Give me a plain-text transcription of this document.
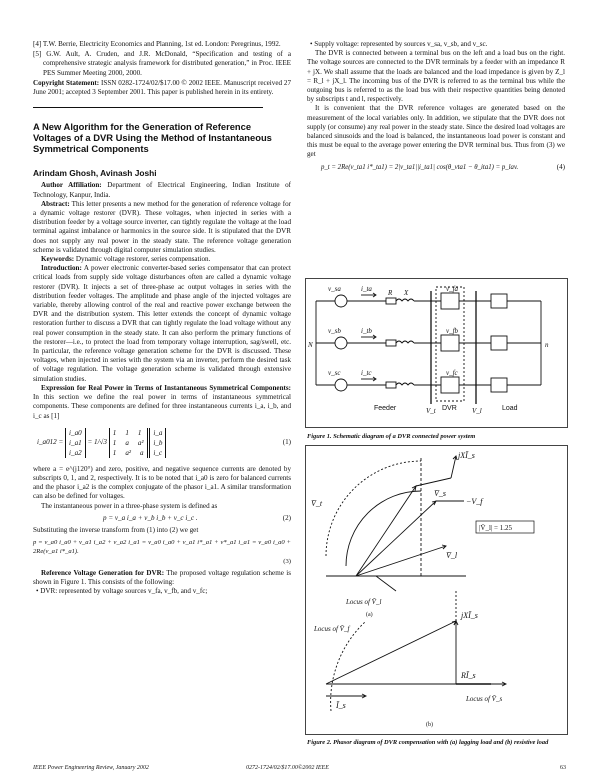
[4] T.W. Berrie, Electricity Economics and Planning, 1st ed. London: Peregrinus, 1992.

[5] G.W. Ault, A. Cruden, and J.R. McDonald, “Specification and testing of a comprehensive strategic analysis framework for distributed generation,” in Proc. IEEE PES Summer Meeting 2000, 2000.

Copyright Statement: ISSN 0282-1724/02/$17.00 © 2002 IEEE. Manuscript received 27 June 2001; accepted 3 September 2001. This paper is published herein in its entirety.

A New Algorithm for the Generation of Reference Voltages of a DVR Using the Method of Instantaneous Symmetrical Components
Arindam Ghosh, Avinash Joshi

Author Affiliation: Department of Electrical Engineering, Indian Institute of Technology, Kanpur, India.

Abstract: This letter presents a new method for the generation of reference voltage for a dynamic voltage restorer (DVR). These voltages, when injected in series with a distribution feeder by a voltage source inverter, can tightly regulate the voltage at the load terminal against imbalance or harmonics in the source side. It is stipulated that the DVR does not supply any real power in the steady state. The reference voltage generation scheme is validated through digital computer simulation studies.

Keywords: Dynamic voltage restorer, series compensation.

Introduction: A power electronic converter-based series compensator that can protect critical loads from supply side voltage disturbances often are called a dynamic voltage restorer (DVR). It injects a set of three-phase ac output voltages in series with the distribution feeder voltages. The amplitude and phase angle of the injected voltages are variable, thereby allowing control of the real and reactive power exchange between the DVR and the distribution system. This letter extends the concept of dynamic voltage restoration further to discuss a DVR that can tightly regulate the load voltage without any real power consumption in the steady state. It can also perform the primary functions of the restorer—i.e., to protect the load from temporary voltage interruption, sag/swell, etc. In particular, the reference voltage generation scheme for the DVR is discussed. These voltages, when injected in series with the system via an inverter, perform the desired task of voltage regulation. The voltage generation scheme is validated through extensive simulation studies.

Expression for Real Power in Terms of Instantaneous Symmetrical Components: In this section we define the real power in terms of instantaneous symmetrical components. These components are defined for three instantaneous currents i_a, i_b, and i_c as [1]

i_a012 =

i_a0
i_a1
i_a2
= 1/√3

1 1 1
1 a a²
1 a² a

i_a
i_b
i_c
(1)

where a = e^(j120°) and zero, positive, and negative sequence currents are denoted by subscripts 0, 1, and 2, respectively. It is to be noted that i_a0 is zero for balanced currents and the phasor i_a2 is the complex conjugate of the phasor i_a1. A similar transformation can also be defined for voltages.

The instantaneous power in a three-phase system is defined as

p = v_a i_a + v_b i_b + v_c i_c .	(2)

Substituting the inverse transform from (1) into (2) we get

p = v_a0 i_a0 + v_a1 i_a2 + v_a2 i_a1 = v_a0 i_a0 + v_a1 i*_a1 + v*_a1 i_a1 = v_a0 i_a0 + 2Re(v_a1 i*_a1).
(3)

Reference Voltage Generation for DVR: The proposed voltage regulation scheme is shown in Figure 1. This consists of the following:

• DVR: represented by voltage sources v_fa, v_fb, and v_fc;

• Supply voltage: represented by sources v_sa, v_sb, and v_sc.

The DVR is connected between a terminal bus on the left and a load bus on the right. The voltage sources are connected to the DVR terminals by a feeder with an impedance R + jX. We shall assume that the loads are balanced and the load impedance is given by Z_l = R_l + jX_l. The incoming bus of the DVR is referred to as the terminal bus while the outgoing bus is referred to as the load bus with their respective quantities being denoted by subscripts t and l, respectively.

It is convenient that the DVR reference voltages are generated based on the measurement of the local variables only. In addition, we stipulate that the DVR does not supply (or consume) any real power in the steady state. Since the desired load voltages are balanced sinusoids and the load is balanced, the instantaneous load power is constant and this must be equal to the average power entering the DVR terminal bus. Thus from (3) we get

p_t = 2Re(v_ta1 i*_ta1) = 2|v_ta1||i_ta1| cos(θ_vta1 − θ_ita1) = p_lav.	(4)
v_sa
v_sb
v_sc
i_ta
i_tb
i_tc
R X	v_fa
v_fb
v_fc
N	n
V_t	V_l
Feeder	DVR	Load
Figure 1. Schematic diagram of a DVR connected power system
jXĪ_s
V̄_s
−V_f
V̄_t
V̄_l
|V̄_l| = 1.25
Locus of V̄_l
(a)
Locus of V̄_f
jXĪ_s
RĪ_s
Ī_s
Locus of V̄_s
(b)
Figure 2. Phasor diagram of DVR compensation with (a) lagging load and (b) resistive load
IEEE Power Engineering Review, January 2002	0272-1724/02/$17.00©2002 IEEE	63
